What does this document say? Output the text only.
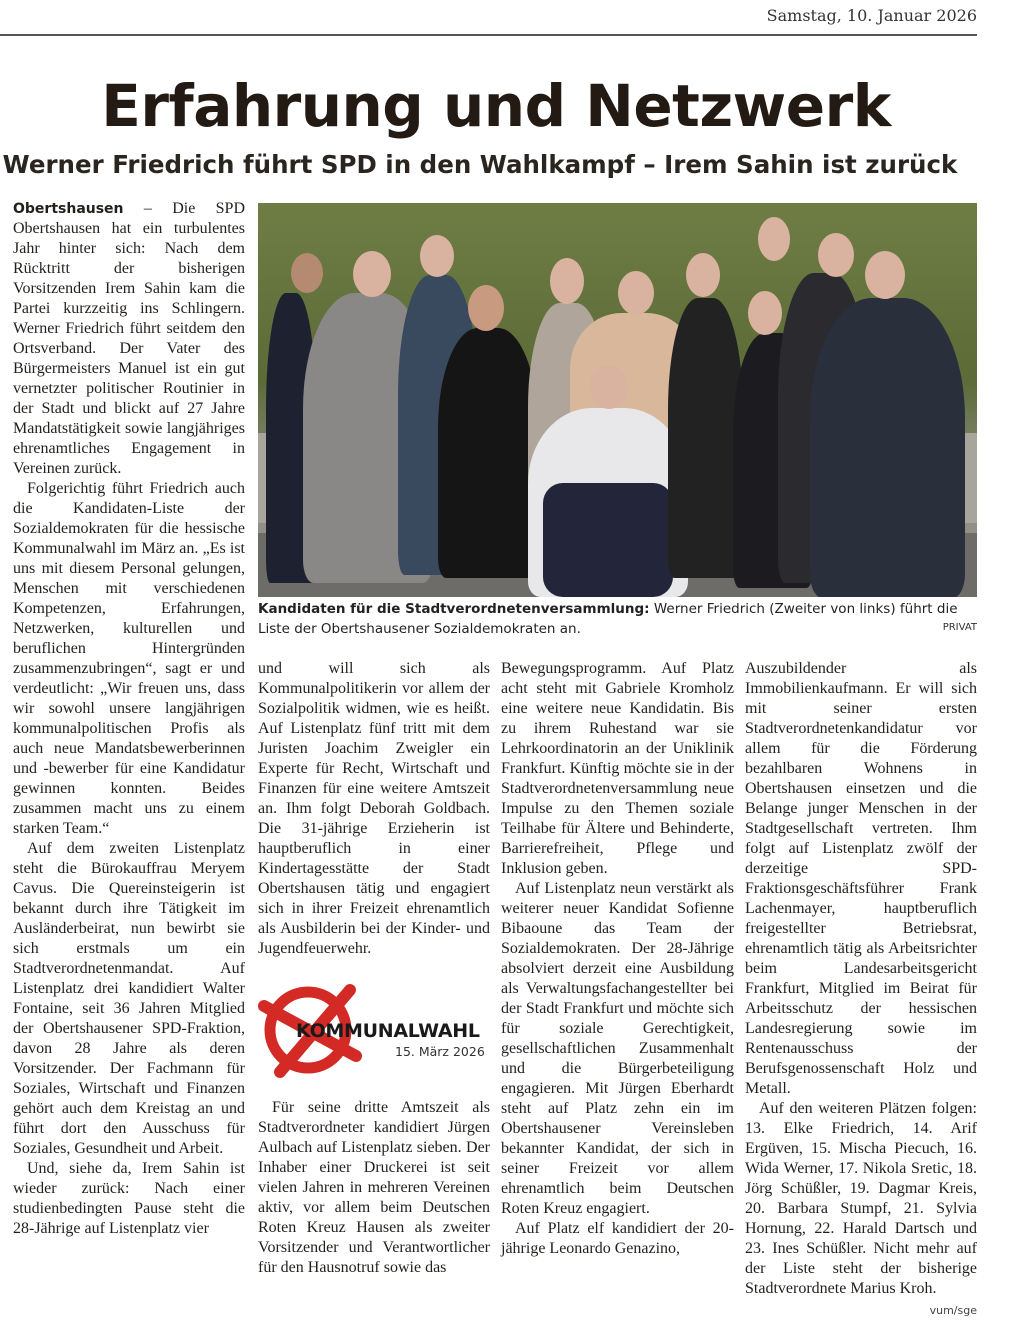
Samstag, 10. Januar 2026
Erfahrung und Netzwerk
Werner Friedrich führt SPD in den Wahlkampf – Irem Sahin ist zurück

Obertshausen – Die SPD Obertshausen hat ein turbulentes Jahr hinter sich: Nach dem Rücktritt der bisherigen Vorsitzenden Irem Sahin kam die Partei kurzzeitig ins Schlingern. Werner Friedrich führt seitdem den Ortsverband. Der Vater des Bürgermeisters Manuel ist ein gut vernetzter politischer Routinier in der Stadt und blickt auf 27 Jahre Mandatstätigkeit sowie langjähriges ehrenamtliches Engagement in Vereinen zurück.

Folgerichtig führt Friedrich auch die Kandidaten-Liste der Sozialdemokraten für die hessische Kommunalwahl im März an. „Es ist uns mit diesem Personal gelungen, Menschen mit verschiedenen Kompetenzen, Erfahrungen, Netzwerken, kulturellen und beruflichen Hintergründen zusammenzubringen“, sagt er und verdeutlicht: „Wir freuen uns, dass wir sowohl unsere langjährigen kommunalpolitischen Profis als auch neue Mandatsbewerberinnen und -bewerber für eine Kandidatur gewinnen konnten. Beides zusammen macht uns zu einem starken Team.“

Auf dem zweiten Listenplatz steht die Bürokauffrau Meryem Cavus. Die Quereinsteigerin ist bekannt durch ihre Tätigkeit im Ausländerbeirat, nun bewirbt sie sich erstmals um ein Stadtverordnetenmandat. Auf Listenplatz drei kandidiert Walter Fontaine, seit 36 Jahren Mitglied der Obertshausener SPD-Fraktion, davon 28 Jahre als deren Vorsitzender. Der Fachmann für Soziales, Wirtschaft und Finanzen gehört auch dem Kreistag an und führt dort den Ausschuss für Soziales, Gesundheit und Arbeit.

Und, siehe da, Irem Sahin ist wieder zurück: Nach einer studienbedingten Pause steht die 28-Jährige auf Listenplatz vier

Kandidaten für die Stadtverordnetenversammlung: Werner Friedrich (Zweiter von links) führt die Liste der Obertshausener Sozialdemokraten an.	PRIVAT

und will sich als Kommunalpolitikerin vor allem der Sozialpolitik widmen, wie es heißt. Auf Listenplatz fünf tritt mit dem Juristen Joachim Zweigler ein Experte für Recht, Wirtschaft und Finanzen für eine weitere Amtszeit an. Ihm folgt Deborah Goldbach. Die 31-jährige Erzieherin ist hauptberuflich in einer Kindertagesstätte der Stadt Obertshausen tätig und engagiert sich in ihrer Freizeit ehrenamtlich als Ausbilderin bei der Kinder- und Jugendfeuerwehr.

KOMMUNALWAHL
15. März 2026

Für seine dritte Amtszeit als Stadtverordneter kandidiert Jürgen Aulbach auf Listenplatz sieben. Der Inhaber einer Druckerei ist seit vielen Jahren in mehreren Vereinen aktiv, vor allem beim Deutschen Roten Kreuz Hausen als zweiter Vorsitzender und Verantwortlicher für den Hausnotruf sowie das

Bewegungsprogramm. Auf Platz acht steht mit Gabriele Kromholz eine weitere neue Kandidatin. Bis zu ihrem Ruhestand war sie Lehrkoordinatorin an der Uniklinik Frankfurt. Künftig möchte sie in der Stadtverordnetenversammlung neue Impulse zu den Themen soziale Teilhabe für Ältere und Behinderte, Barrierefreiheit, Pflege und Inklusion geben.

Auf Listenplatz neun verstärkt als weiterer neuer Kandidat Sofienne Bibaoune das Team der Sozialdemokraten. Der 28-Jährige absolviert derzeit eine Ausbildung als Verwaltungsfachangestellter bei der Stadt Frankfurt und möchte sich für soziale Gerechtigkeit, gesellschaftlichen Zusammenhalt und die Bürgerbeteiligung engagieren. Mit Jürgen Eberhardt steht auf Platz zehn ein im Obertshausener Vereinsleben bekannter Kandidat, der sich in seiner Freizeit vor allem ehrenamtlich beim Deutschen Roten Kreuz engagiert.

Auf Platz elf kandidiert der 20-jährige Leonardo Genazino,

Auszubildender als Immobilienkaufmann. Er will sich mit seiner ersten Stadtverordnetenkandidatur vor allem für die Förderung bezahlbaren Wohnens in Obertshausen einsetzen und die Belange junger Menschen in der Stadtgesellschaft vertreten. Ihm folgt auf Listenplatz zwölf der derzeitige SPD-Fraktionsgeschäftsführer Frank Lachenmayer, hauptberuflich freigestellter Betriebsrat, ehrenamtlich tätig als Arbeitsrichter beim Landesarbeitsgericht Frankfurt, Mitglied im Beirat für Arbeitsschutz der hessischen Landesregierung sowie im Rentenausschuss der Berufsgenossenschaft Holz und Metall.

Auf den weiteren Plätzen folgen: 13. Elke Friedrich, 14. Arif Ergüven, 15. Mischa Piecuch, 16. Wida Werner, 17. Nikola Sretic, 18. Jörg Schüßler, 19. Dagmar Kreis, 20. Barbara Stumpf, 21. Sylvia Hornung, 22. Harald Dartsch und 23. Ines Schüßler. Nicht mehr auf der Liste steht der bisherige Stadtverordnete Marius Kroh.
vum/sge
